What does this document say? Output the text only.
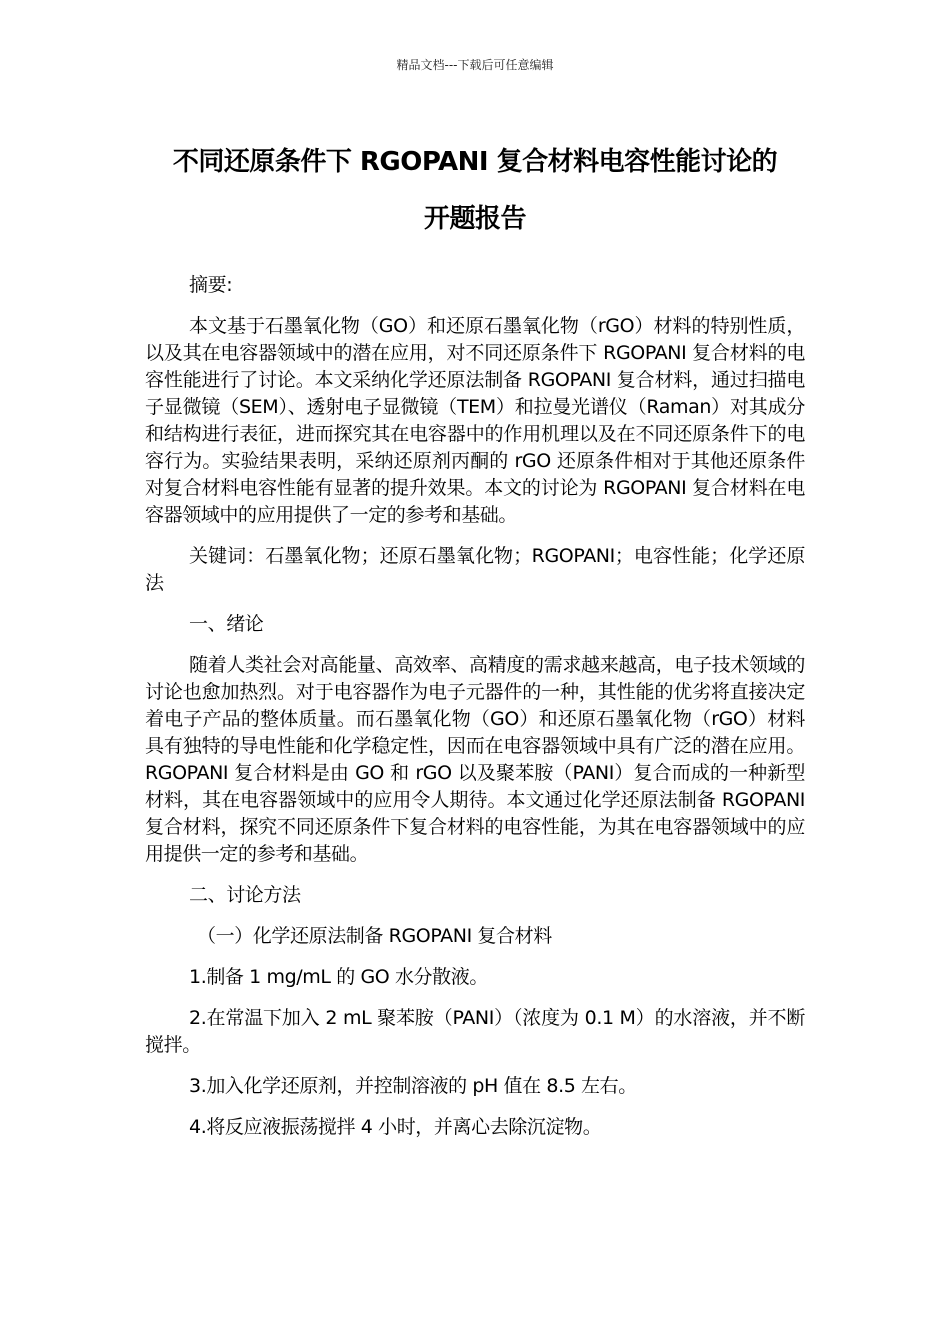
精品文档---下载后可任意编辑
不同还原条件下 RGOPANI 复合材料电容性能讨论的
开题报告

摘要:

本文基于石墨氧化物（GO）和还原石墨氧化物（rGO）材料的特别性质，以及其在电容器领域中的潜在应用，对不同还原条件下 RGOPANI 复合材料的电容性能进行了讨论。本文采纳化学还原法制备 RGOPANI 复合材料，通过扫描电子显微镜（SEM）、透射电子显微镜（TEM）和拉曼光谱仪（Raman）对其成分和结构进行表征，进而探究其在电容器中的作用机理以及在不同还原条件下的电容行为。实验结果表明，采纳还原剂丙酮的 rGO 还原条件相对于其他还原条件对复合材料电容性能有显著的提升效果。本文的讨论为 RGOPANI 复合材料在电容器领域中的应用提供了一定的参考和基础。

关键词：石墨氧化物；还原石墨氧化物；RGOPANI；电容性能；化学还原法

一、绪论

随着人类社会对高能量、高效率、高精度的需求越来越高，电子技术领域的讨论也愈加热烈。对于电容器作为电子元器件的一种，其性能的优劣将直接决定着电子产品的整体质量。而石墨氧化物（GO）和还原石墨氧化物（rGO）材料具有独特的导电性能和化学稳定性，因而在电容器领域中具有广泛的潜在应用。RGOPANI 复合材料是由 GO 和 rGO 以及聚苯胺（PANI）复合而成的一种新型材料，其在电容器领域中的应用令人期待。本文通过化学还原法制备 RGOPANI 复合材料，探究不同还原条件下复合材料的电容性能，为其在电容器领域中的应用提供一定的参考和基础。

二、讨论方法

（一）化学还原法制备 RGOPANI 复合材料

1.制备 1 mg/mL 的 GO 水分散液。

2.在常温下加入 2 mL 聚苯胺（PANI）（浓度为 0.1 M）的水溶液，并不断搅拌。

3.加入化学还原剂，并控制溶液的 pH 值在 8.5 左右。

4.将反应液振荡搅拌 4 小时，并离心去除沉淀物。
